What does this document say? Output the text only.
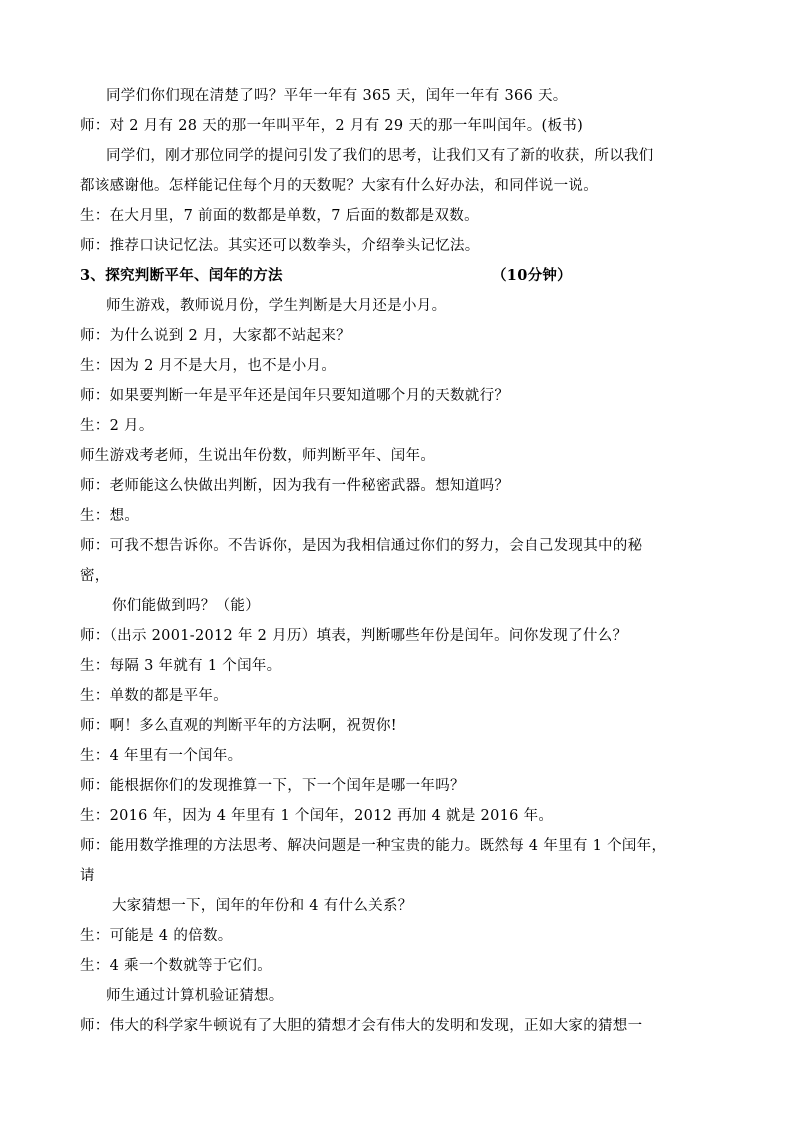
同学们你们现在清楚了吗？平年一年有 365 天，闰年一年有 366 天。
师：对 2 月有 28 天的那一年叫平年，2 月有 29 天的那一年叫闰年。(板书)
同学们，刚才那位同学的提问引发了我们的思考，让我们又有了新的收获，所以我们
都该感谢他。怎样能记住每个月的天数呢？大家有什么好办法，和同伴说一说。
生：在大月里，7 前面的数都是单数，7 后面的数都是双数。
师：推荐口诀记忆法。其实还可以数拳头，介绍拳头记忆法。
3、探究判断平年、闰年的方法	（10分钟）
师生游戏，教师说月份，学生判断是大月还是小月。
师：为什么说到 2 月，大家都不站起来？
生：因为 2 月不是大月，也不是小月。
师：如果要判断一年是平年还是闰年只要知道哪个月的天数就行？
生：2 月。
师生游戏考老师，生说出年份数，师判断平年、闰年。
师：老师能这么快做出判断，因为我有一件秘密武器。想知道吗？
生：想。
师：可我不想告诉你。不告诉你，是因为我相信通过你们的努力，会自己发现其中的秘
密，
你们能做到吗？（能）
师：（出示 2001-2012 年 2 月历）填表，判断哪些年份是闰年。问你发现了什么？
生：每隔 3 年就有 1 个闰年。
生：单数的都是平年。
师：啊！多么直观的判断平年的方法啊，祝贺你!
生：4 年里有一个闰年。
师：能根据你们的发现推算一下，下一个闰年是哪一年吗？
生：2016 年，因为 4 年里有 1 个闰年，2012 再加 4 就是 2016 年。
师：能用数学推理的方法思考、解决问题是一种宝贵的能力。既然每 4 年里有 1 个闰年，
请
大家猜想一下，闰年的年份和 4 有什么关系？
生：可能是 4 的倍数。
生：4 乘一个数就等于它们。
师生通过计算机验证猜想。
师：伟大的科学家牛顿说有了大胆的猜想才会有伟大的发明和发现，正如大家的猜想一
